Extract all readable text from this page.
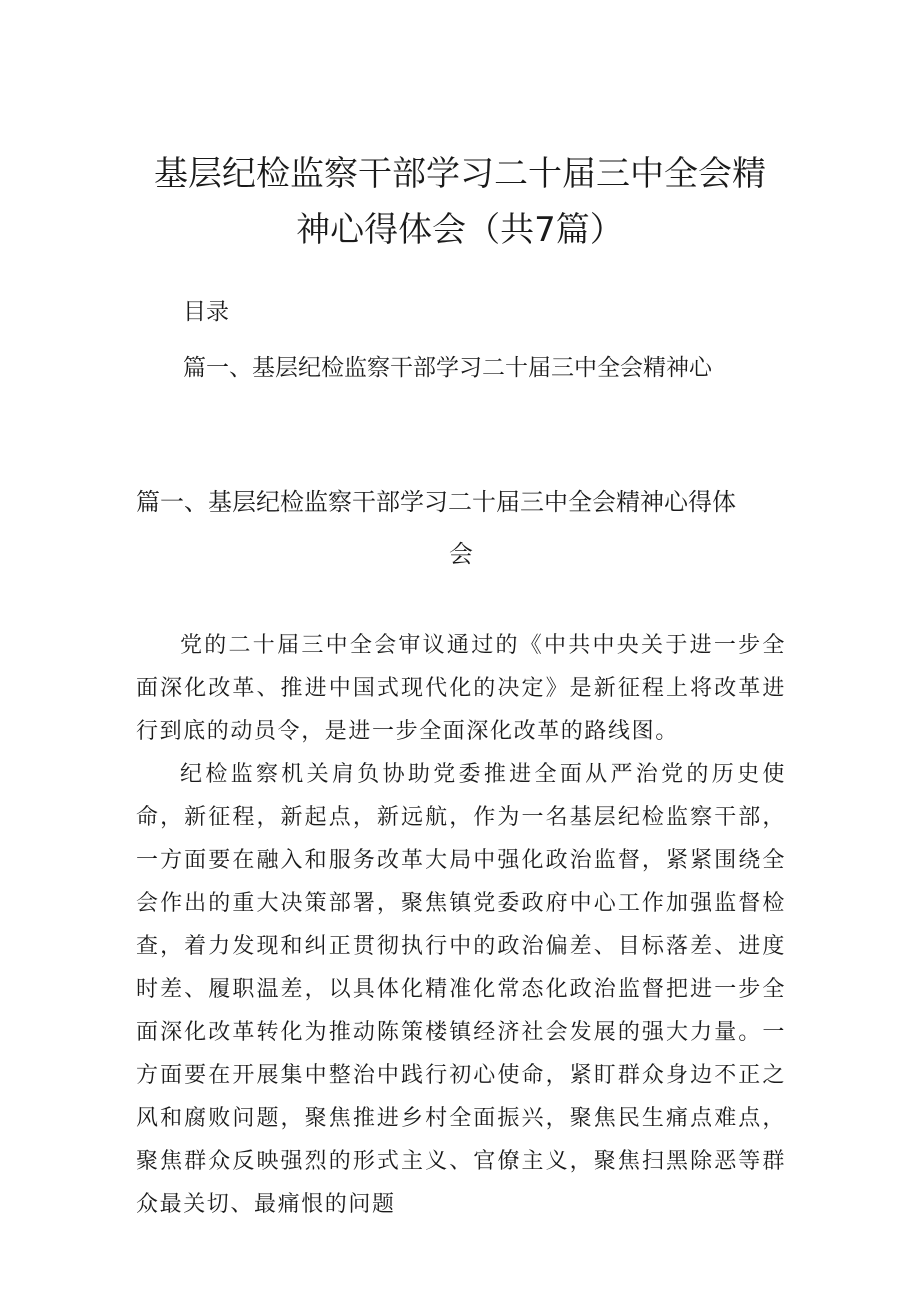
基层纪检监察干部学习二十届三中全会精
神心得体会（共7篇）
目录
篇一、基层纪检监察干部学习二十届三中全会精神心
篇一、基层纪检监察干部学习二十届三中全会精神心得体
会

党的二十届三中全会审议通过的《中共中央关于进一步全面深化改革、推进中国式现代化的决定》是新征程上将改革进行到底的动员令，是进一步全面深化改革的路线图。

纪检监察机关肩负协助党委推进全面从严治党的历史使命，新征程，新起点，新远航，作为一名基层纪检监察干部，一方面要在融入和服务改革大局中强化政治监督，紧紧围绕全会作出的重大决策部署，聚焦镇党委政府中心工作加强监督检查，着力发现和纠正贯彻执行中的政治偏差、目标落差、进度时差、履职温差，以具体化精准化常态化政治监督把进一步全面深化改革转化为推动陈策楼镇经济社会发展的强大力量。一方面要在开展集中整治中践行初心使命，紧盯群众身边不正之风和腐败问题，聚焦推进乡村全面振兴，聚焦民生痛点难点，聚焦群众反映强烈的形式主义、官僚主义，聚焦扫黑除恶等群众最关切、最痛恨的问题
